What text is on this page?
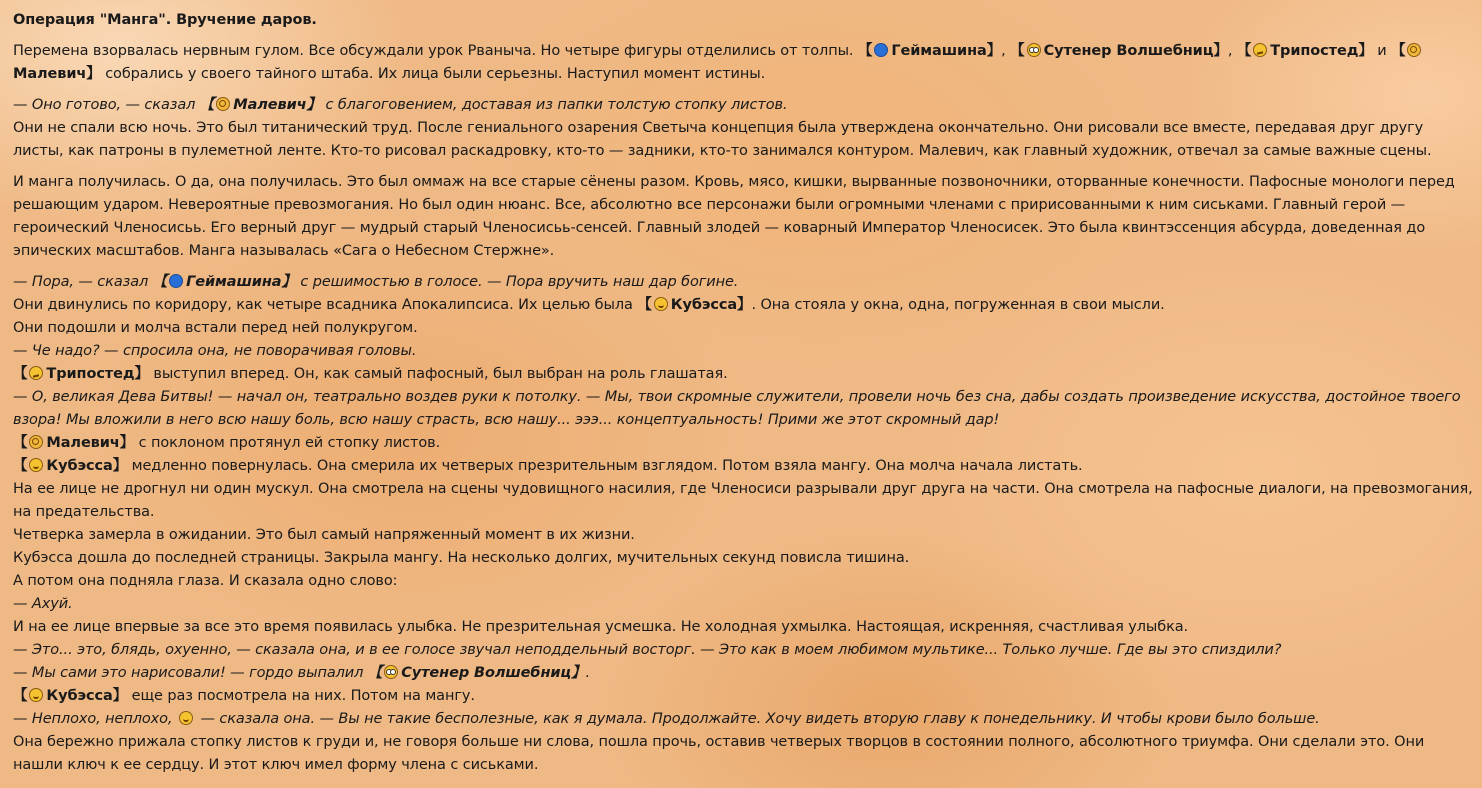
Операция "Манга". Вручение даров.
Перемена взорвалась нервным гулом. Все обсуждали урок Рваныча. Но четыре фигуры отделились от толпы. 【 Геймашина】, 【 Сутенер Волшебниц】, 【 Трипостед】 и 【
Малевич】 собрались у своего тайного штаба. Их лица были серьезны. Наступил момент истины.
— Оно готово, — сказал 【 Малевич】 с благоговением, доставая из папки толстую стопку листов.
Они не спали всю ночь. Это был титанический труд. После гениального озарения Светыча концепция была утверждена окончательно. Они рисовали все вместе, передавая друг другу
листы, как патроны в пулеметной ленте. Кто-то рисовал раскадровку, кто-то — задники, кто-то занимался контуром. Малевич, как главный художник, отвечал за самые важные сцены.
И манга получилась. О да, она получилась. Это был оммаж на все старые сёнены разом. Кровь, мясо, кишки, вырванные позвоночники, оторванные конечности. Пафосные монологи перед
решающим ударом. Невероятные превозмогания. Но был один нюанс. Все, абсолютно все персонажи были огромными членами с пририсованными к ним сиськами. Главный герой —
героический Членосисьь. Его верный друг — мудрый старый Членосисьь-сенсей. Главный злодей — коварный Император Членосисек. Это была квинтэссенция абсурда, доведенная до
эпических масштабов. Манга называлась «Сага о Небесном Стержне».
— Пора, — сказал 【 Геймашина】 с решимостью в голосе. — Пора вручить наш дар богине.
Они двинулись по коридору, как четыре всадника Апокалипсиса. Их целью была 【 Кубэсса】. Она стояла у окна, одна, погруженная в свои мысли.
Они подошли и молча встали перед ней полукругом.
— Че надо? — спросила она, не поворачивая головы.
【 Трипостед】 выступил вперед. Он, как самый пафосный, был выбран на роль глашатая.
— О, великая Дева Битвы! — начал он, театрально воздев руки к потолку. — Мы, твои скромные служители, провели ночь без сна, дабы создать произведение искусства, достойное твоего
взора! Мы вложили в него всю нашу боль, всю нашу страсть, всю нашу... эээ... концептуальность! Прими же этот скромный дар!
【 Малевич】 с поклоном протянул ей стопку листов.
【 Кубэсса】 медленно повернулась. Она смерила их четверых презрительным взглядом. Потом взяла мангу. Она молча начала листать.
На ее лице не дрогнул ни один мускул. Она смотрела на сцены чудовищного насилия, где Членосиси разрывали друг друга на части. Она смотрела на пафосные диалоги, на превозмогания,
на предательства.
Четверка замерла в ожидании. Это был самый напряженный момент в их жизни.
Кубэсса дошла до последней страницы. Закрыла мангу. На несколько долгих, мучительных секунд повисла тишина.
А потом она подняла глаза. И сказала одно слово:
— Ахуй.
И на ее лице впервые за все это время появилась улыбка. Не презрительная усмешка. Не холодная ухмылка. Настоящая, искренняя, счастливая улыбка.
— Это... это, блядь, охуенно, — сказала она, и в ее голосе звучал неподдельный восторг. — Это как в моем любимом мультике... Только лучше. Где вы это спиздили?
— Мы сами это нарисовали! — гордо выпалил 【 Сутенер Волшебниц】.
【 Кубэсса】 еще раз посмотрела на них. Потом на мангу.
— Неплохо, неплохо, — сказала она. — Вы не такие бесполезные, как я думала. Продолжайте. Хочу видеть вторую главу к понедельнику. И чтобы крови было больше.
Она бережно прижала стопку листов к груди и, не говоря больше ни слова, пошла прочь, оставив четверых творцов в состоянии полного, абсолютного триумфа. Они сделали это. Они
нашли ключ к ее сердцу. И этот ключ имел форму члена с сиськами.
